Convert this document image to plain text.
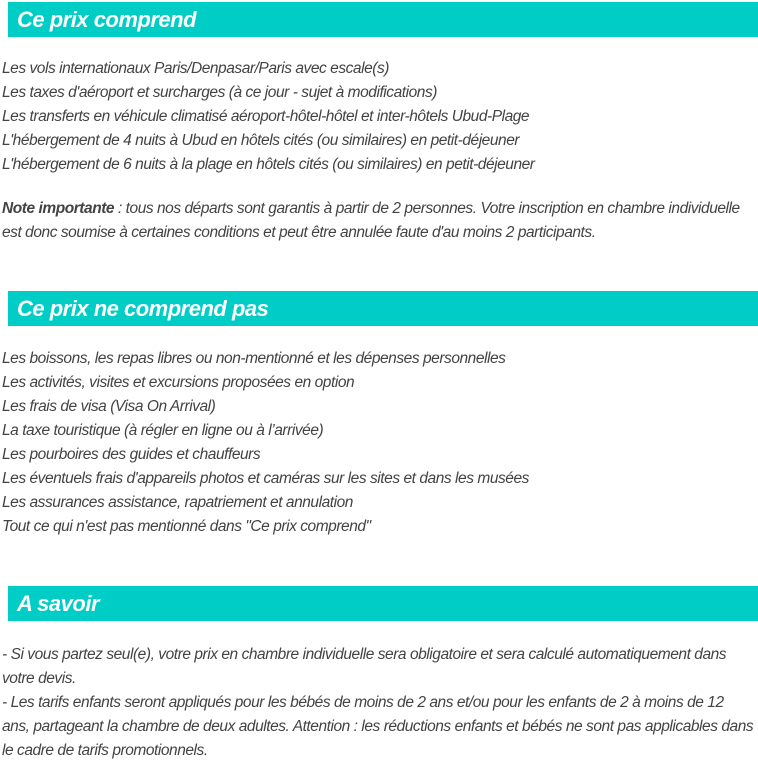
Ce prix comprend
Les vols internationaux Paris/Denpasar/Paris avec escale(s)
Les taxes d'aéroport et surcharges (à ce jour - sujet à modifications)
Les transferts en véhicule climatisé aéroport-hôtel-hôtel et inter-hôtels Ubud-Plage
L'hébergement de 4 nuits à Ubud en hôtels cités (ou similaires) en petit-déjeuner
L'hébergement de 6 nuits à la plage en hôtels cités (ou similaires) en petit-déjeuner

Note importante : tous nos départs sont garantis à partir de 2 personnes. Votre inscription en chambre individuelle est donc soumise à certaines conditions et peut être annulée faute d'au moins 2 participants.

Ce prix ne comprend pas
Les boissons, les repas libres ou non-mentionné et les dépenses personnelles
Les activités, visites et excursions proposées en option
Les frais de visa (Visa On Arrival)
La taxe touristique (à régler en ligne ou à l’arrivée)
Les pourboires des guides et chauffeurs
Les éventuels frais d'appareils photos et caméras sur les sites et dans les musées
Les assurances assistance, rapatriement et annulation
Tout ce qui n'est pas mentionné dans "Ce prix comprend"
A savoir

- Si vous partez seul(e), votre prix en chambre individuelle sera obligatoire et sera calculé automatiquement dans votre devis.

- Les tarifs enfants seront appliqués pour les bébés de moins de 2 ans et/ou pour les enfants de 2 à moins de 12 ans, partageant la chambre de deux adultes. Attention : les réductions enfants et bébés ne sont pas applicables dans le cadre de tarifs promotionnels.
